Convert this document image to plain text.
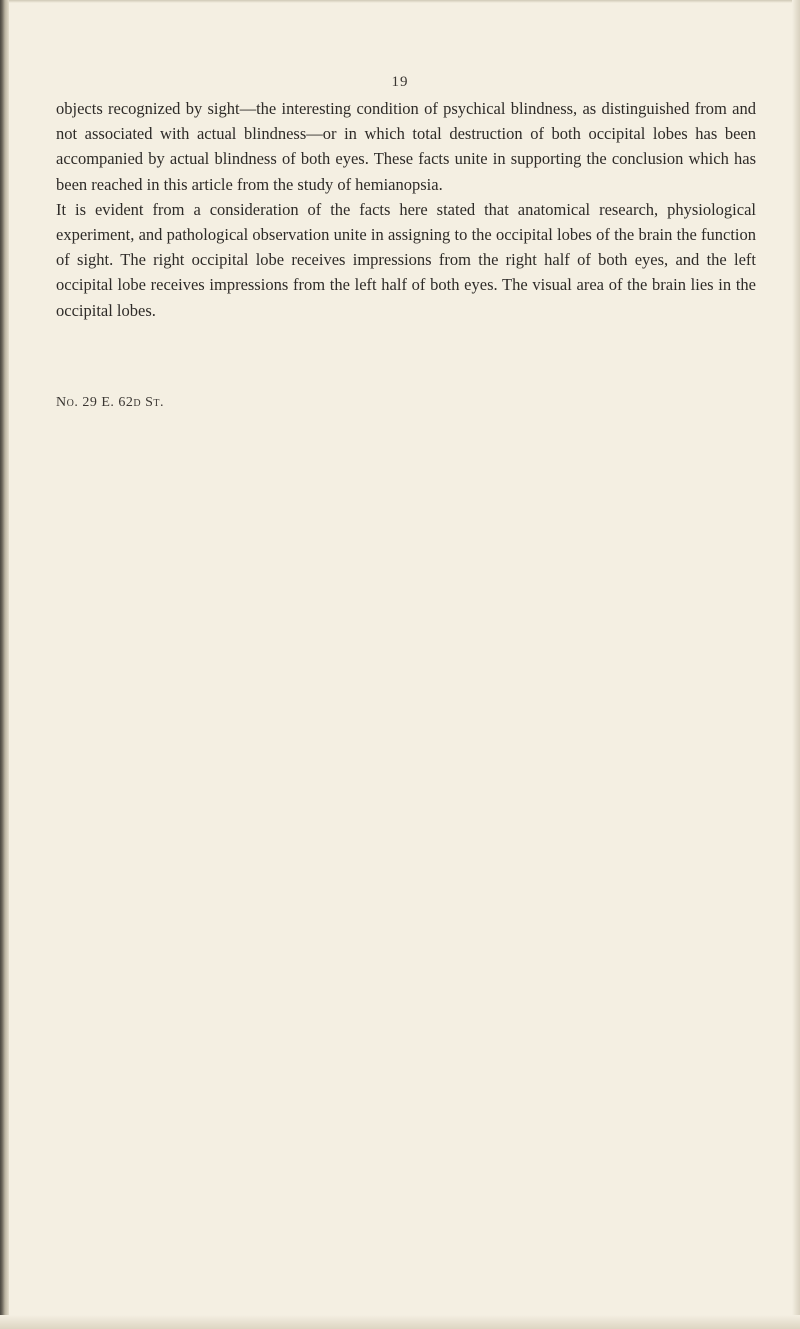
19

objects recognized by sight—the interesting condition of psychical blindness, as distinguished from and not associated with actual blindness—or in which total destruction of both occipital lobes has been accompanied by actual blindness of both eyes. These facts unite in supporting the conclusion which has been reached in this article from the study of hemianopsia.

It is evident from a consideration of the facts here stated that anatomical research, physiological experiment, and pathological observation unite in assigning to the occipital lobes of the brain the function of sight. The right occipital lobe receives impressions from the right half of both eyes, and the left occipital lobe receives impressions from the left half of both eyes. The visual area of the brain lies in the occipital lobes.

No. 29 E. 62d St.
